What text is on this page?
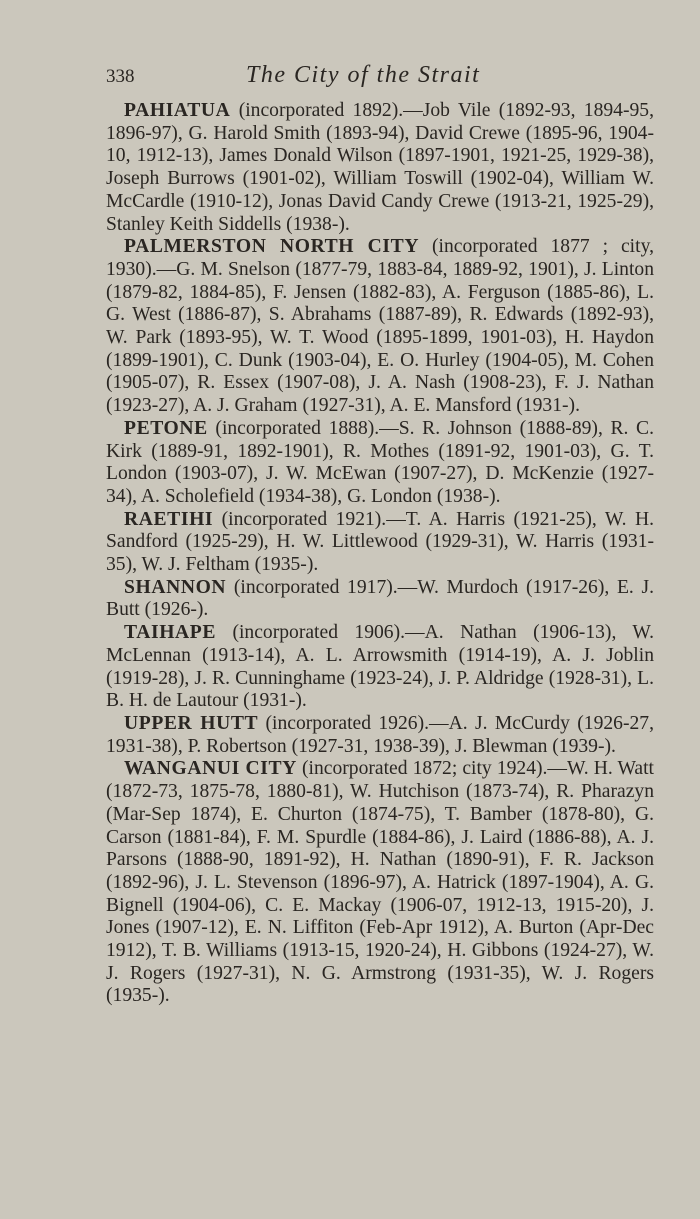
338	The City of the Strait

PAHIATUA (incorporated 1892).—Job Vile (1892-93, 1894-95, 1896-97), G. Harold Smith (1893-94), David Crewe (1895-96, 1904-10, 1912-13), James Donald Wilson (1897-1901, 1921-25, 1929-38), Joseph Burrows (1901-02), William Toswill (1902-04), William W. McCardle (1910-12), Jonas David Candy Crewe (1913-21, 1925-29), Stanley Keith Siddells (1938-).

PALMERSTON NORTH CITY (incorporated 1877 ; city, 1930).—G. M. Snelson (1877-79, 1883-84, 1889-92, 1901), J. Linton (1879-82, 1884-85), F. Jensen (1882-83), A. Ferguson (1885-86), L. G. West (1886-87), S. Abrahams (1887-89), R. Edwards (1892-93), W. Park (1893-95), W. T. Wood (1895-1899, 1901-03), H. Haydon (1899-1901), C. Dunk (1903-04), E. O. Hurley (1904-05), M. Cohen (1905-07), R. Essex (1907-08), J. A. Nash (1908-23), F. J. Nathan (1923-27), A. J. Graham (1927-31), A. E. Mansford (1931-).

PETONE (incorporated 1888).—S. R. Johnson (1888-89), R. C. Kirk (1889-91, 1892-1901), R. Mothes (1891-92, 1901-03), G. T. London (1903-07), J. W. McEwan (1907-27), D. McKenzie (1927-34), A. Scholefield (1934-38), G. London (1938-).

RAETIHI (incorporated 1921).—T. A. Harris (1921-25), W. H. Sandford (1925-29), H. W. Littlewood (1929-31), W. Harris (1931-35), W. J. Feltham (1935-).

SHANNON (incorporated 1917).—W. Murdoch (1917-26), E. J. Butt (1926-).

TAIHAPE (incorporated 1906).—A. Nathan (1906-13), W. McLennan (1913-14), A. L. Arrowsmith (1914-19), A. J. Joblin (1919-28), J. R. Cunninghame (1923-24), J. P. Aldridge (1928-31), L. B. H. de Lautour (1931-).

UPPER HUTT (incorporated 1926).—A. J. McCurdy (1926-27, 1931-38), P. Robertson (1927-31, 1938-39), J. Blewman (1939-).

WANGANUI CITY (incorporated 1872; city 1924).—W. H. Watt (1872-73, 1875-78, 1880-81), W. Hutchison (1873-74), R. Pharazyn (Mar-Sep 1874), E. Churton (1874-75), T. Bamber (1878-80), G. Carson (1881-84), F. M. Spurdle (1884-86), J. Laird (1886-88), A. J. Parsons (1888-90, 1891-92), H. Nathan (1890-91), F. R. Jackson (1892-96), J. L. Stevenson (1896-97), A. Hatrick (1897-1904), A. G. Bignell (1904-06), C. E. Mackay (1906-07, 1912-13, 1915-20), J. Jones (1907-12), E. N. Liffiton (Feb-Apr 1912), A. Burton (Apr-Dec 1912), T. B. Williams (1913-15, 1920-24), H. Gibbons (1924-27), W. J. Rogers (1927-31), N. G. Armstrong (1931-35), W. J. Rogers (1935-).
